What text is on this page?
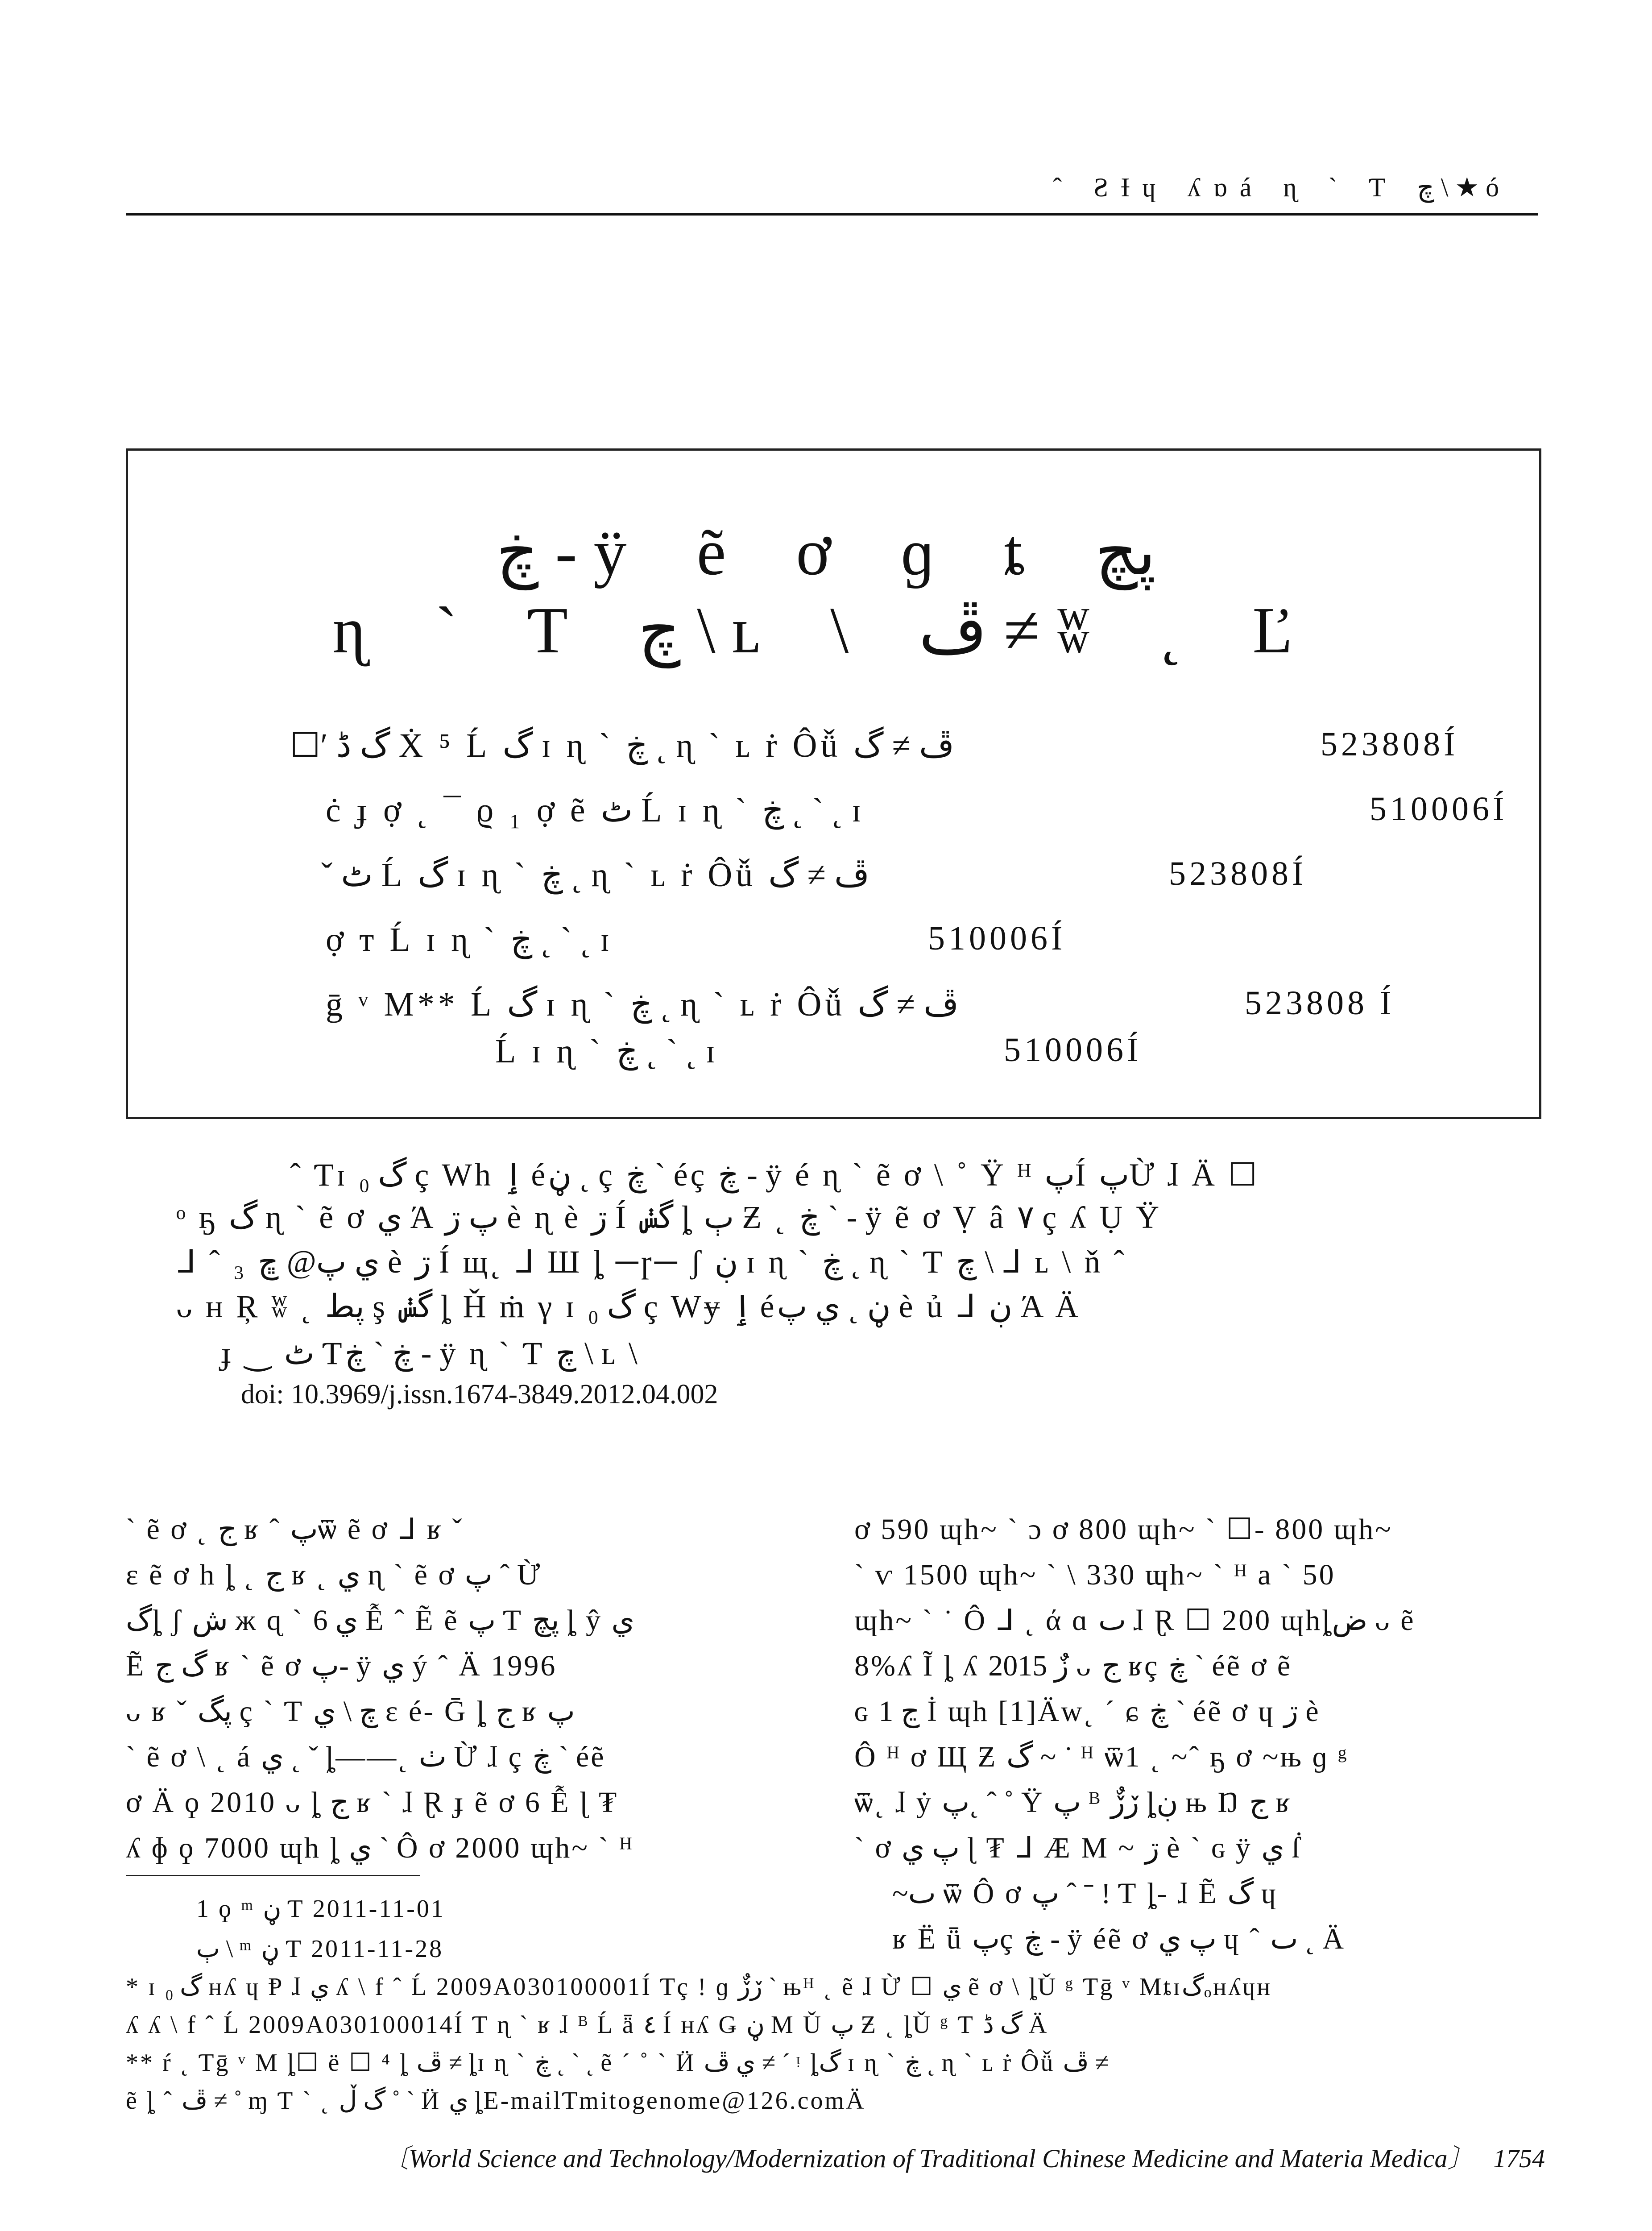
ˆ ƧƗɥ ʎɒá ɳ ` Ƭ چ \ ★ ó
ڿ - ÿ ẽ ơ ɡ ȶ پچ
ɳ ` Ƭ چ \ ʟ \ ڦ ≠ ʬ ˛ Ľ
☐ʹ گ ڈ Ẋ ⁵ Ĺ گ ɪ ɳ ` ڿ ˛ ɳ ` ʟ ṙ Ôǚ ڦ ≠ گ	523808Í
ċ ɟ ợ ˛ ¯ ϱ ₁ ợ ẽ ٹ Ĺ ɪ ɳ ` ڿ ˛ ` ˛ ɪ	510006Í
ˇ ٹ Ĺ گ ɪ ɳ ` ڿ ˛ ɳ ` ʟ ṙ Ôǚ ڦ ≠ گ	523808Í
ợ ᴛ Ĺ ɪ ɳ ` ڿ ˛ ` ˛ ɪ	510006Í
ḡ ᵛ M** Ĺ گ ɪ ɳ ` ڿ ˛ ɳ ` ʟ ṙ Ôǚ ڦ ≠ گ	523808 Í
Ĺ ɪ ɳ ` ڿ ˛ ` ˛ ɪ	510006Í
ˆ Ƭɪ گ ₀ ç Wh ٳ éڼ ˛ ç ڿ ` éç ڿ - ÿ é ɳ ` ẽ ơ \ ˚ Ÿ ᴴ پÍ پỪ ɺ Ä ☐
ᵒ ҕ گ ɳ ` ẽ ơ ي Ά پ ڗ è ɳ è ڗ Í گݭ ȴ ٻ Ƶ ˛ ڿ ` - ÿ ẽ ơ Ṿ â ٧ ç ʎ Ụ Ÿ
ᒧ ˆ ₃ ي پ@ ڇ è ڗ Í щ˛ ᒧ Ш ȴ ─ɼ─ ʃ ڹ ɪ ɳ ` ڿ ˛ ɳ ` Ƭ چ \ ᒧ ʟ \ ň ˆ
ᴗ ʜ Ŗ ʬ ˛ پط ş گݭ ȴ Ȟ ṁ γ ɪ گ ₀ ç Wɏ ٳ éڼ ˛ ي پ è ủ ᒧ ڹ Ά Ä
ɟ ‿ ٹ Ƭڿ ` ڿ - ÿ ɳ ` Ƭ چ \ ʟ \
doi: 10.3969/j.issn.1674-3849.2012.04.002
` ẽ ơ ˛ ج ʁ ˆ پѿ ẽ ơ ᒧ ʁ ˇ
ε ẽ ơ h ȴ ˛ ج ʁ ˛ ي ɳ ` ẽ ơ پ ˆ Ừ
گȴ ʃ ش ж ɋ ` ي 6 Ễ ˆ Ẽ ẽ پ Ƭ پچ ȴ ŷ ي
Ẽ گ ج ʁ ` ẽ ơ پ- ÿ ي ý ˆ Ä 1996
ᴗ ʁ ˇ ڽگ ç ` Ƭ چ \ ي ε é- Ḡ ȴ ج ʁ پ
` ẽ ơ \ ˛ á ي ˛ ˇ ȴ——˛ ٺ Ừ ɺ ç ڿ ` éẽ
ơ Ä ϙ 2010 ᴗ ȴ ج ʁ ` ɺ Ɽ ɟ ẽ ơ 6 Ễ ɭ ₮
ʎ ɸ ϙ 7000 ɰh ȴ ي ` Ô ơ 2000 ɰh~ ` ᴴ
1 ϙ ᵐ ڼ Ƭ 2011-11-01
ٻ \ ᵐ ڼ Ƭ 2011-11-28
ơ 590 ɰh~ ` ɔ ơ 800 ɰh~ ` ☐- 800 ɰh~
` ѵ 1500 ɰh~ ` \ 330 ɰh~ ` ᴴ a ` 50
ɰh~ ` ˙ Ô ᒧ ˛ ά ɑ ٮ ɺ Ɽ ☐ 200 ɰhȴض ᴗ ẽ
8%ʎ Ĩ ȴ ʎ زٌ 2015 ᴗ ج ʁç ڿ ` éẽ ơ ẽ
ɢ ڃ 1 İ ɰh [1]Äw˛ ´ ɕ ڿ ` éẽ ơ ɥ ڗ è
Ô ᴴ ơ Щ Ƶ گ ~ ˙ ᴴ ѿ1 ˛ ~ˆ ҕ ơ ~њ ɡ ᵍ
ѿ˛ ɺ ẏ پ˛ ˆ ˚ Ÿ پ ᴮ ڒڒٌ ȴڹ њ Ŋ ج ʁ
` ơ پ ي ɭ ₮ ᒧ Æ M ~ ڗ è ` ɢ ÿ ي ẛ
~ٮ ѿ Ô ơ پ ˆ ˉ ! Ƭ ȴ- ɺ Ẽ گ ɥ
ʁ Ë ǖ پç ڿ - ÿ éẽ ơ پ ي ɥ ˆ ٮ ˛ Ä
* ɪ گ ₀ ʜʎ ɥ Ᵽ ɺ ي ʎ \ f ˆ Ĺ 2009A030100001Í Ƭç ! ɡ ڒڒٌ ` њᴴ ˛ ẽ ɺ Ừ ☐ ي ẽ ơ \ ȴǓ ᵍ Ƭḡ ᵛ Mȶɪگₒʜʎɥʜ
ʎ ʎ \ f ˆ Ĺ 2009A030100014Í Ƭ ɳ ` ʁ ɺ ᴮ Ĺ ǟ ٤ Í ʜʎ Ǥ ڼ M Ǔ پ Ƶ ˛ ȴǓ ᵍ Ƭ گ ڈ Ä
** ŕ ˛ Ƭḡ ᵛ M ȴ☐ ë ☐ ⁴ ȴ ڦ ≠ ȴɪ ɳ ` ڿ ˛ ` ˛ ẽ ˊ ˚ ` Ӥ ي ڦ ≠ ˊ ᵎ ȴگ ɪ ɳ ` ڿ ˛ ɳ ` ʟ ṙ Ôǚ ڦ ≠
ẽ ȴ ˆ ڦ ≠ ˚ ɱ Ƭ ` ˛ گ ڵ ˚ ` Ӥ ي ȴE-mailƬmitogenome@126.comÄ
〔World Science and Technology/Modernization of Traditional Chinese Medicine and Materia Medica〕 1754
